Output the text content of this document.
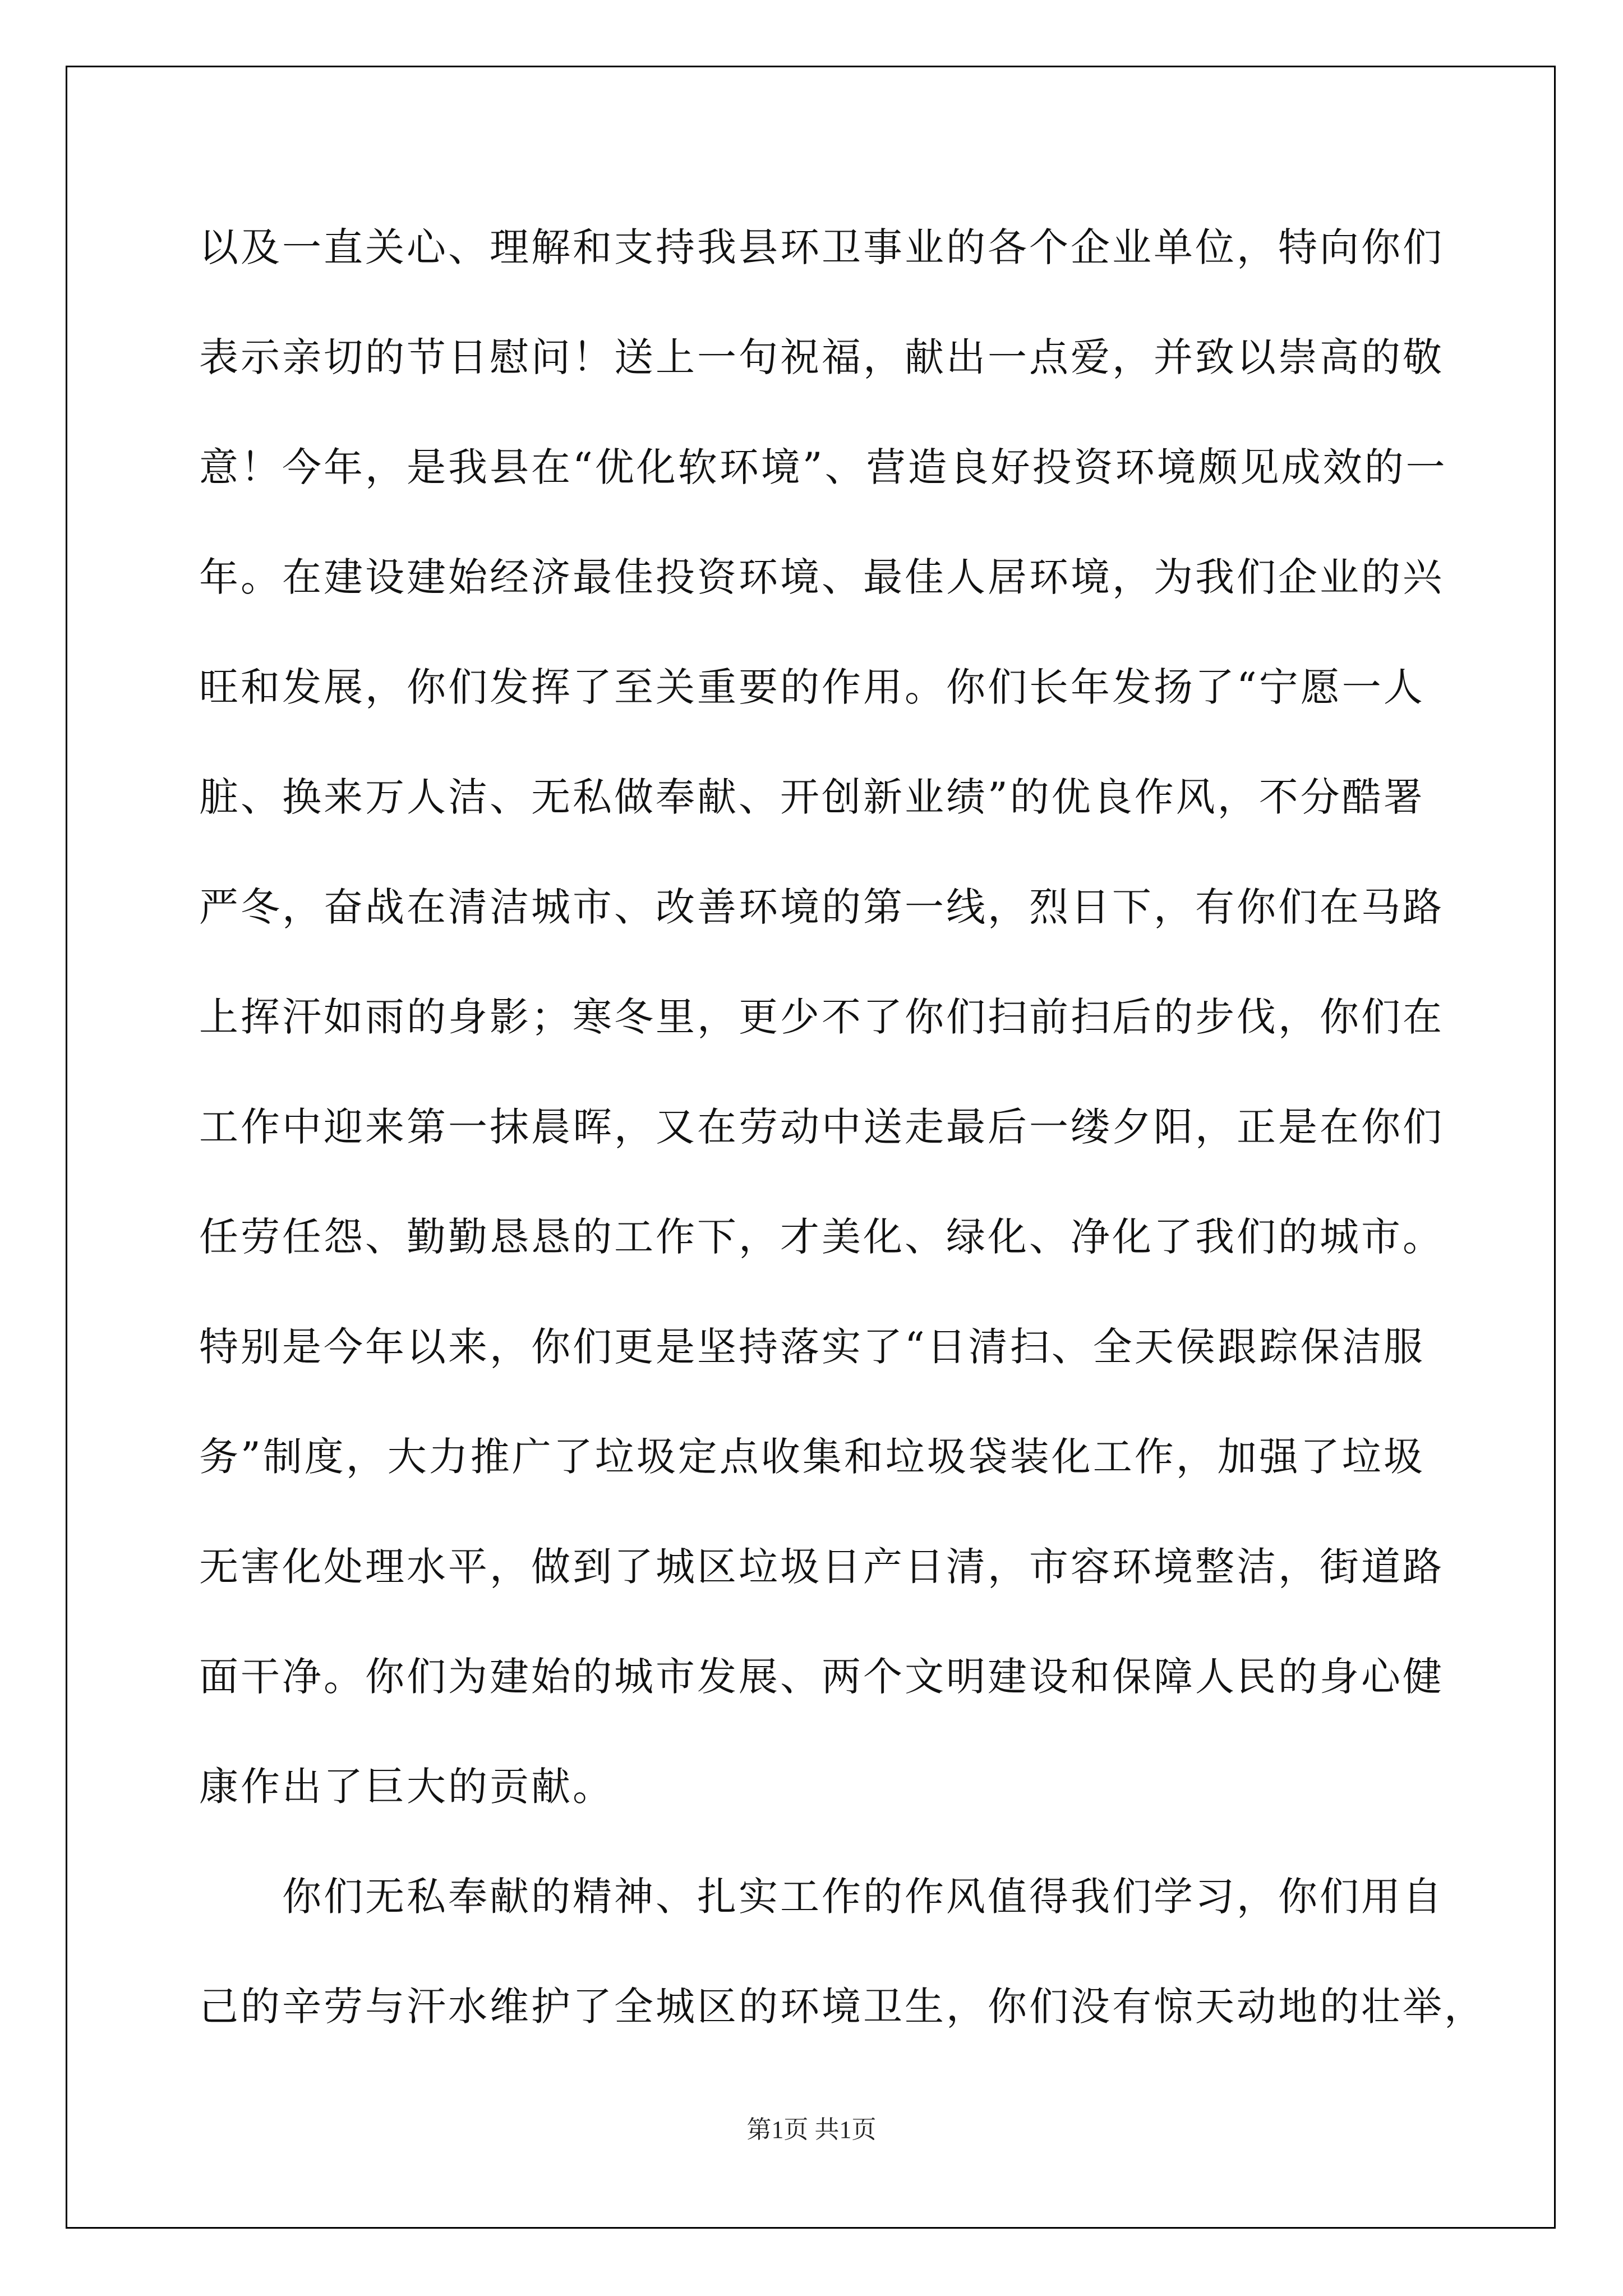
以及一直关心、理解和支持我县环卫事业的各个企业单位，特向你们
表示亲切的节日慰问！送上一句祝福，献出一点爱，并致以崇高的敬
意！今年，是我县在“优化软环境”、营造良好投资环境颇见成效的一
年。在建设建始经济最佳投资环境、最佳人居环境，为我们企业的兴
旺和发展，你们发挥了至关重要的作用。你们长年发扬了“宁愿一人
脏、换来万人洁、无私做奉献、开创新业绩”的优良作风，不分酷署
严冬，奋战在清洁城市、改善环境的第一线，烈日下，有你们在马路
上挥汗如雨的身影；寒冬里，更少不了你们扫前扫后的步伐，你们在
工作中迎来第一抹晨晖，又在劳动中送走最后一缕夕阳，正是在你们
任劳任怨、勤勤恳恳的工作下，才美化、绿化、净化了我们的城市。
特别是今年以来，你们更是坚持落实了“日清扫、全天侯跟踪保洁服
务”制度，大力推广了垃圾定点收集和垃圾袋装化工作，加强了垃圾
无害化处理水平，做到了城区垃圾日产日清，市容环境整洁，街道路
面干净。你们为建始的城市发展、两个文明建设和保障人民的身心健
康作出了巨大的贡献。
你们无私奉献的精神、扎实工作的作风值得我们学习，你们用自
己的辛劳与汗水维护了全城区的环境卫生，你们没有惊天动地的壮举，
第1页 共1页
